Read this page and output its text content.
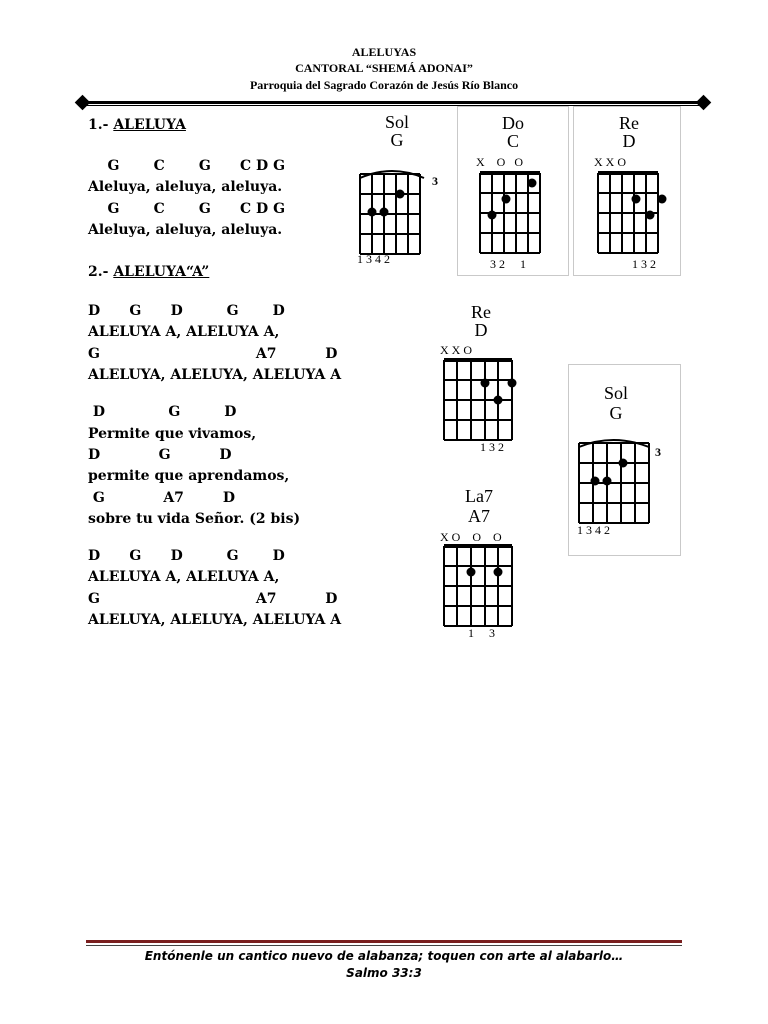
ALELUYAS
CANTORAL “SHEMÁ ADONAI”
Parroquia del Sagrado Corazón de Jesús Río Blanco
1.- ALELUYA
G       C       G      C D G
Aleluya, aleluya, aleluya.
G       C       G      C D G
Aleluya, aleluya, aleluya.
2.- ALELUYA“A”
D      G      D         G       D
ALELUYA A, ALELUYA A,
G                                A7          D
ALELUYA, ALELUYA, ALELUYA A
D             G         D
Permite que vivamos,
D            G          D
permite que aprendamos,
G            A7        D
sobre tu vida Señor. (2 bis)
D      G      D         G       D
ALELUYA A, ALELUYA A,
G                                A7          D
ALELUYA, ALELUYA, ALELUYA A
Sol
G
3
1 3 4 2
Do
C
X    O   O
3 2     1
Re
D
X X O
1 3 2
Re
D
X X O
1 3 2
Sol
G
3
1 3 4 2
La7
A7
X O    O    O
1     3
Entónenle un cantico nuevo de alabanza; toquen con arte al alabarlo…
Salmo 33:3
